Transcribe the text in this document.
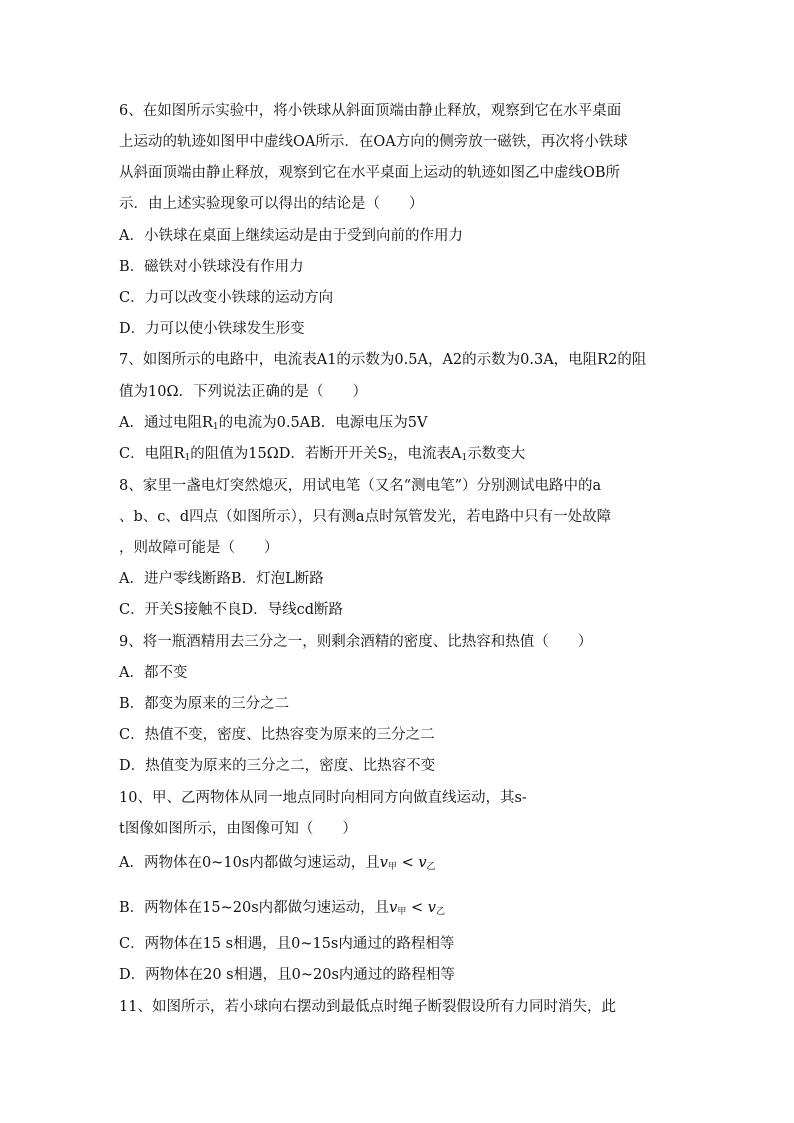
6、在如图所示实验中，将小铁球从斜面顶端由静止释放，观察到它在水平桌面
上运动的轨迹如图甲中虚线OA所示．在OA方向的侧旁放一磁铁，再次将小铁球
从斜面顶端由静止释放，观察到它在水平桌面上运动的轨迹如图乙中虚线OB所
示．由上述实验现象可以得出的结论是（　　）
A．小铁球在桌面上继续运动是由于受到向前的作用力
B．磁铁对小铁球没有作用力
C．力可以改变小铁球的运动方向
D．力可以使小铁球发生形变
7、如图所示的电路中，电流表A1的示数为0.5A，A2的示数为0.3A，电阻R2的阻
值为10Ω．下列说法正确的是（　　）
A．通过电阻$R_1$的电流为0.5AB．电源电压为5V
C．电阻$R_1$的阻值为15ΩD．若断开开关$S_2$，电流表$A_1$示数变大
8、家里一盏电灯突然熄灭，用试电笔（又名“测电笔”）分别测试电路中的a
、b、c、d四点（如图所示），只有测a点时氖管发光，若电路中只有一处故障
，则故障可能是（　　）
A．进户零线断路B．灯泡L断路
C．开关S接触不良D．导线cd断路
9、将一瓶酒精用去三分之一，则剩余酒精的密度、比热容和热值（　　）
A．都不变
B．都变为原来的三分之二
C．热值不变，密度、比热容变为原来的三分之二
D．热值变为原来的三分之二，密度、比热容不变
10、甲、乙两物体从同一地点同时向相同方向做直线运动，其s-
t图像如图所示，由图像可知（　　）
A．两物体在0~10s内都做匀速运动，且$v_甲 < v_乙$
B．两物体在15~20s内都做匀速运动，且$v_甲 < v_乙$
C．两物体在15 s相遇，且0~15s内通过的路程相等
D．两物体在20 s相遇，且0~20s内通过的路程相等
11、如图所示，若小球向右摆动到最低点时绳子断裂假设所有力同时消失，此
